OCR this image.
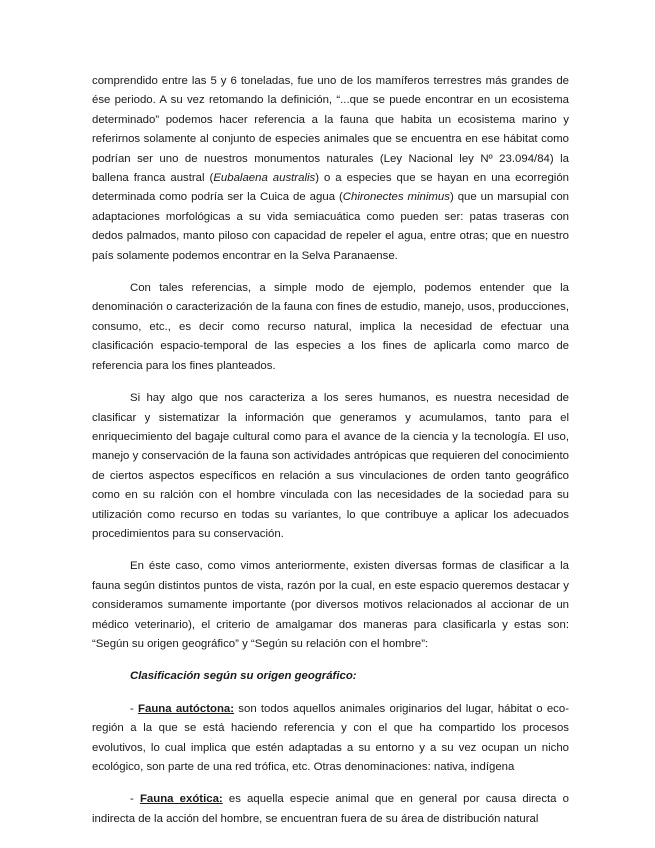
comprendido entre las 5 y 6 toneladas, fue uno de los mamíferos terrestres más grandes de ése periodo. A su vez retomando la definición, “...que se puede encontrar en un ecosistema determinado” podemos hacer referencia a la fauna que habita un ecosistema marino y referirnos solamente al conjunto de especies animales que se encuentra en ese hábitat como podrían ser uno de nuestros monumentos naturales (Ley Nacional ley Nº 23.094/84) la ballena franca austral (Eubalaena australis) o a especies que se hayan en una ecorregión determinada como podría ser la Cuica de agua (Chironectes minimus) que un marsupial con adaptaciones morfológicas a su vida semiacuática como pueden ser: patas traseras con dedos palmados, manto piloso con capacidad de repeler el agua, entre otras; que en nuestro país solamente podemos encontrar en la Selva Paranaense.

Con tales referencias, a simple modo de ejemplo, podemos entender que la denominación o caracterización de la fauna con fines de estudio, manejo, usos, producciones, consumo, etc., es decir como recurso natural, implica la necesidad de efectuar una clasificación espacio-temporal de las especies a los fines de aplicarla como marco de referencia para los fines planteados.

Si hay algo que nos caracteriza a los seres humanos, es nuestra necesidad de clasificar y sistematizar la información que generamos y acumulamos, tanto para el enriquecimiento del bagaje cultural como para el avance de la ciencia y la tecnología. El uso, manejo y conservación de la fauna son actividades antrópicas que requieren del conocimiento de ciertos aspectos específicos en relación a sus vinculaciones de orden tanto geográfico como en su ralción con el hombre vinculada con las necesidades de la sociedad para su utilización como recurso en todas su variantes, lo que contribuye a aplicar los adecuados procedimientos para su conservación.

En éste caso, como vimos anteriormente, existen diversas formas de clasificar a la fauna según distintos puntos de vista, razón por la cual, en este espacio queremos destacar y consideramos sumamente importante (por diversos motivos relacionados al accionar de un médico veterinario), el criterio de amalgamar dos maneras para clasificarla y estas son: “Según su origen geográfico” y “Según su relación con el hombre”:

Clasificación según su origen geográfico:

- Fauna autóctona: son todos aquellos animales originarios del lugar, hábitat o eco-región a la que se está haciendo referencia y con el que ha compartido los procesos evolutivos, lo cual implica que estén adaptadas a su entorno y a su vez ocupan un nicho ecológico, son parte de una red trófica, etc. Otras denominaciones: nativa, indígena

- Fauna exótica: es aquella especie animal que en general por causa directa o indirecta de la acción del hombre, se encuentran fuera de su área de distribución natural
